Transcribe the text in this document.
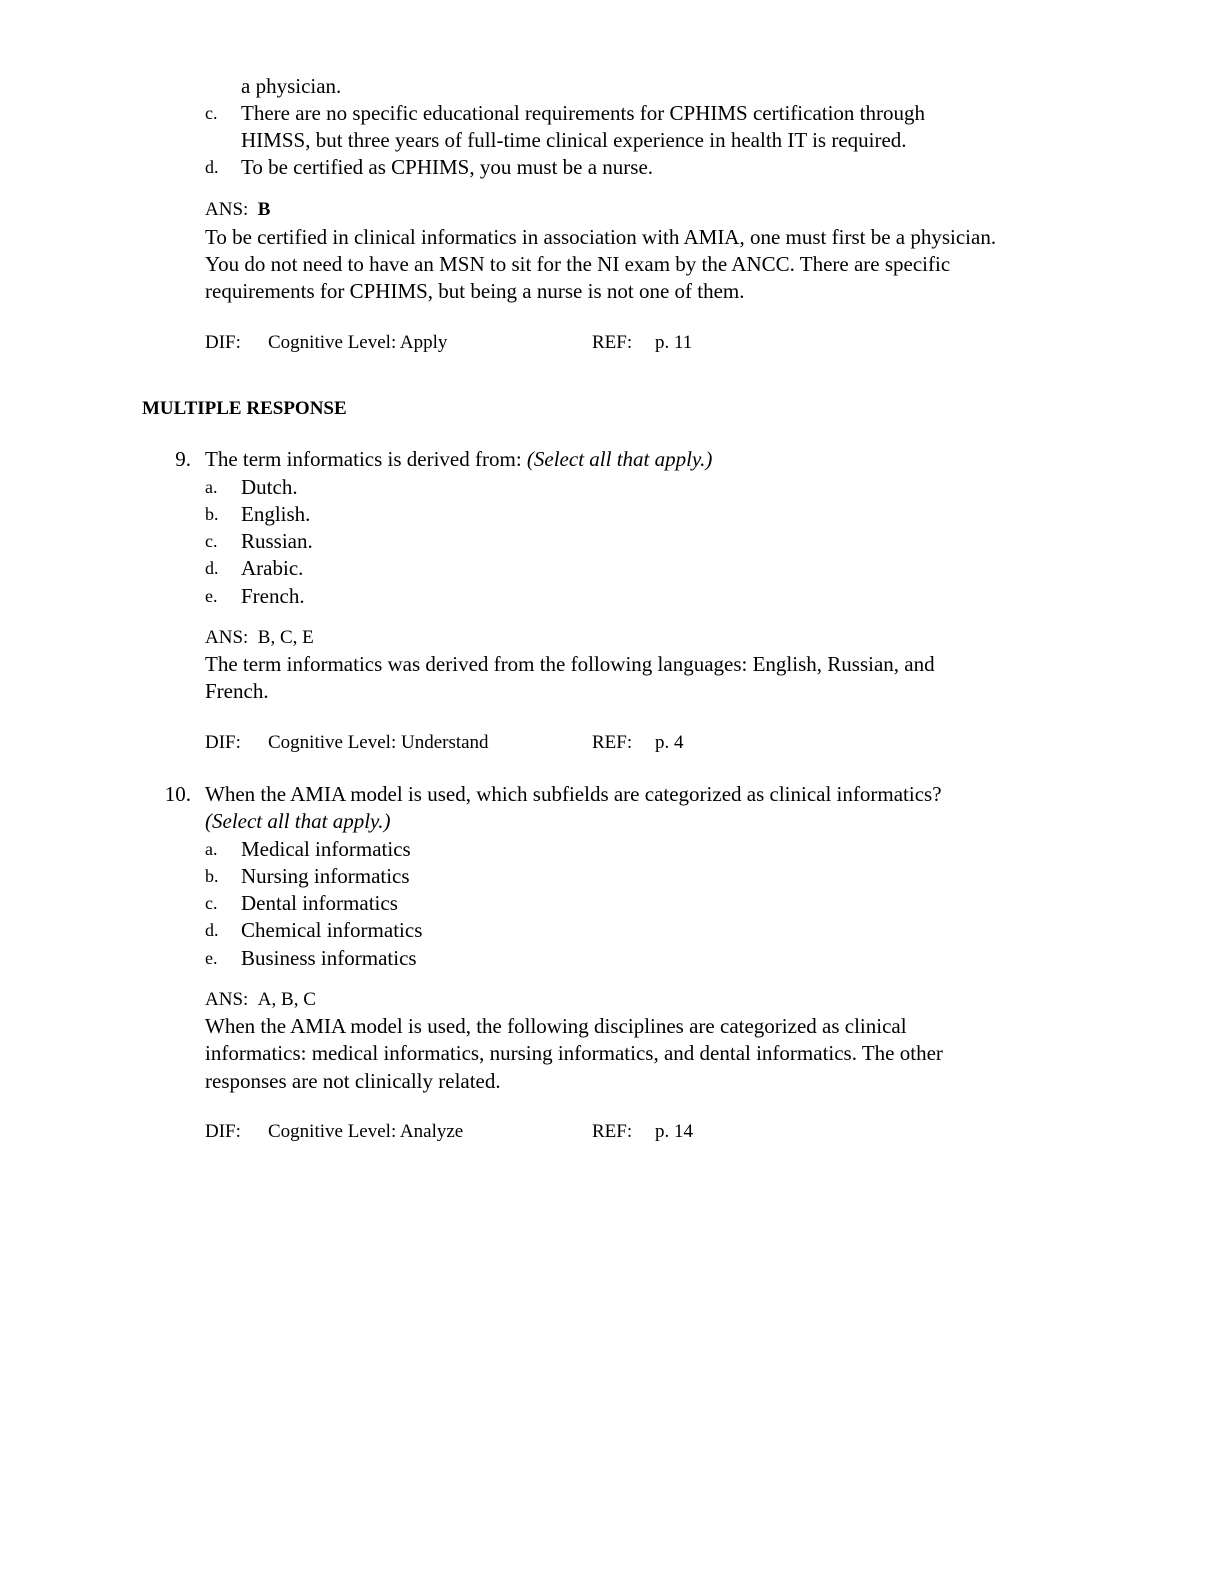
a physician.
c. There are no specific educational requirements for CPHIMS certification through
HIMSS, but three years of full-time clinical experience in health IT is required.
d. To be certified as CPHIMS, you must be a nurse.
ANS: B
To be certified in clinical informatics in association with AMIA, one must first be a physician.
You do not need to have an MSN to sit for the NI exam by the ANCC. There are specific
requirements for CPHIMS, but being a nurse is not one of them.
DIF: Cognitive Level: Apply	REF: p. 11
MULTIPLE RESPONSE
9. The term informatics is derived from: (Select all that apply.)
a. Dutch.
b. English.
c. Russian.
d. Arabic.
e. French.
ANS: B, C, E
The term informatics was derived from the following languages: English, Russian, and
French.
DIF: Cognitive Level: Understand	REF: p. 4
10. When the AMIA model is used, which subfields are categorized as clinical informatics?
(Select all that apply.)
a. Medical informatics
b. Nursing informatics
c. Dental informatics
d. Chemical informatics
e. Business informatics
ANS: A, B, C
When the AMIA model is used, the following disciplines are categorized as clinical
informatics: medical informatics, nursing informatics, and dental informatics. The other
responses are not clinically related.
DIF: Cognitive Level: Analyze	REF: p. 14
